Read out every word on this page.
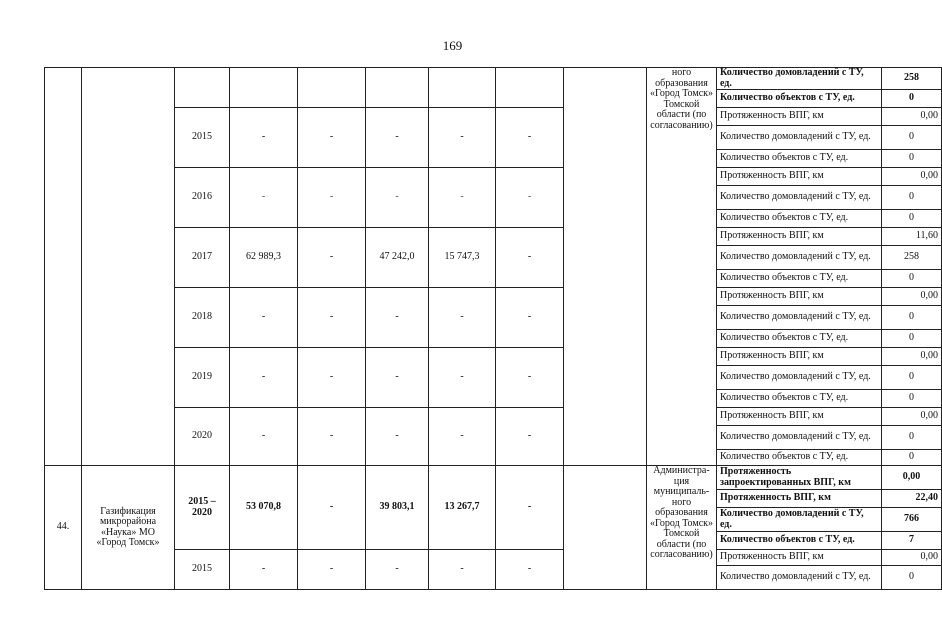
169
									ного образования «Город Томск» Томской области (по согласованию)	Количество домовладений с ТУ, ед.	258
										Количество объектов с ТУ, ед.	0
		2015	-	-	-	-	-			Протяженность ВПГ, км	0,00
										Количество домовладений с ТУ, ед.	0
										Количество объектов с ТУ, ед.	0
		2016	-	-	-	-	-			Протяженность ВПГ, км	0,00
										Количество домовладений с ТУ, ед.	0
										Количество объектов с ТУ, ед.	0
		2017	62 989,3	-	47 242,0	15 747,3	-			Протяженность ВПГ, км	11,60
										Количество домовладений с ТУ, ед.	258
										Количество объектов с ТУ, ед.	0
		2018	-	-	-	-	-			Протяженность ВПГ, км	0,00
										Количество домовладений с ТУ, ед.	0
										Количество объектов с ТУ, ед.	0
		2019	-	-	-	-	-			Протяженность ВПГ, км	0,00
										Количество домовладений с ТУ, ед.	0
										Количество объектов с ТУ, ед.	0
		2020	-	-	-	-	-			Протяженность ВПГ, км	0,00
										Количество домовладений с ТУ, ед.	0
										Количество объектов с ТУ, ед.	0
44.	Газификация микрорайона «Наука» МО «Город Томск»	2015 – 2020	53 070,8	-	39 803,1	13 267,7	-		Администра-ция муниципаль-ного образования «Город Томск» Томской области (по согласованию)	Протяженность запроектированных ВПГ, км	0,00
										Протяженность ВПГ, км	22,40
										Количество домовладений с ТУ, ед.	766
										Количество объектов с ТУ, ед.	7
		2015	-	-	-	-	-			Протяженность ВПГ, км	0,00
										Количество домовладений с ТУ, ед.	0
